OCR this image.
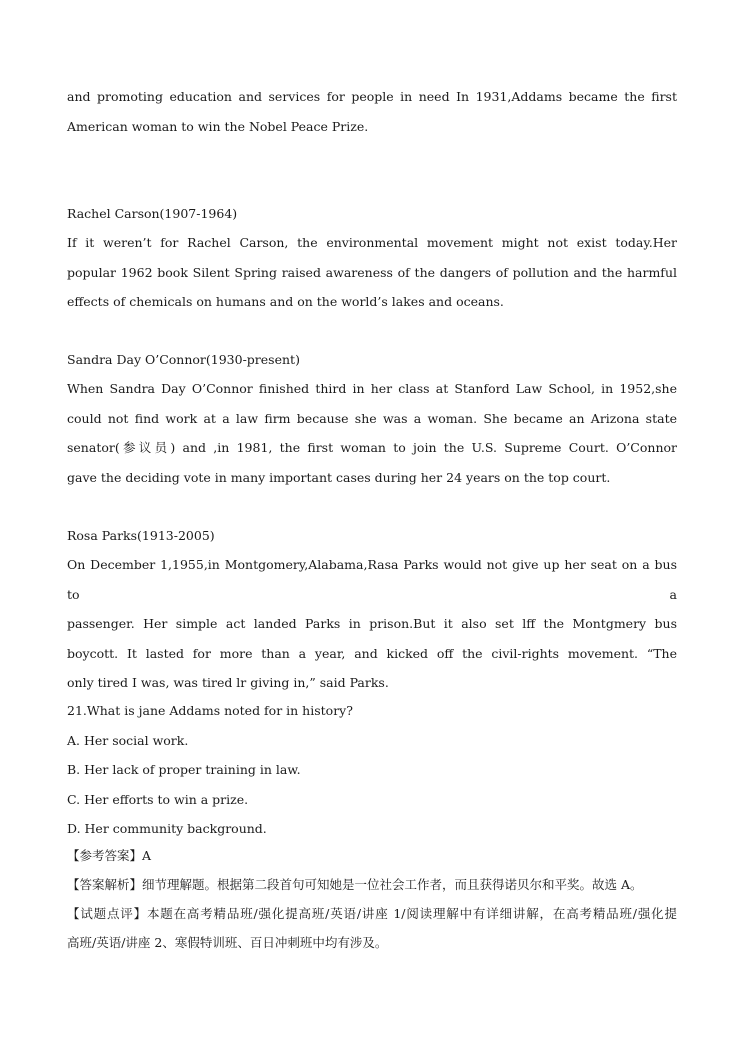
and promoting education and services for people in need In 1931,Addams became the first
American woman to win the Nobel Peace Prize.
Rachel Carson(1907-1964)
If it weren’t for Rachel Carson, the environmental movement might not exist today.Her
popular 1962 book Silent Spring raised awareness of the dangers of pollution and the harmful
effects of chemicals on humans and on the world’s lakes and oceans.
Sandra Day O’Connor(1930-present)
When Sandra Day O’Connor finished third in her class at Stanford Law School, in 1952,she
could not find work at a law firm because she was a woman. She became an Arizona state
senator(参议员) and ,in 1981, the first woman to join the U.S. Supreme Court. O’Connor
gave the deciding vote in many important cases during her 24 years on the top court.
Rosa Parks(1913-2005)
On December 1,1955,in Montgomery,Alabama,Rasa Parks would not give up her seat on a bus to a
passenger. Her simple act landed Parks in prison.But it also set lff the Montgmery bus
boycott. It lasted for more than a year, and kicked off the civil-rights movement. “The
only tired I was, was tired lr giving in,” said Parks.
21.What is jane Addams noted for in history?
A. Her social work.
B. Her lack of proper training in law.
C. Her efforts to win a prize.
D. Her community background.
【参考答案】A
【答案解析】细节理解题。根据第二段首句可知她是一位社会工作者，而且获得诺贝尔和平奖。故选 A。
【试题点评】本题在高考精品班/强化提高班/英语/讲座 1/阅读理解中有详细讲解，在高考精品班/强化提
高班/英语/讲座 2、寒假特训班、百日冲刺班中均有涉及。
